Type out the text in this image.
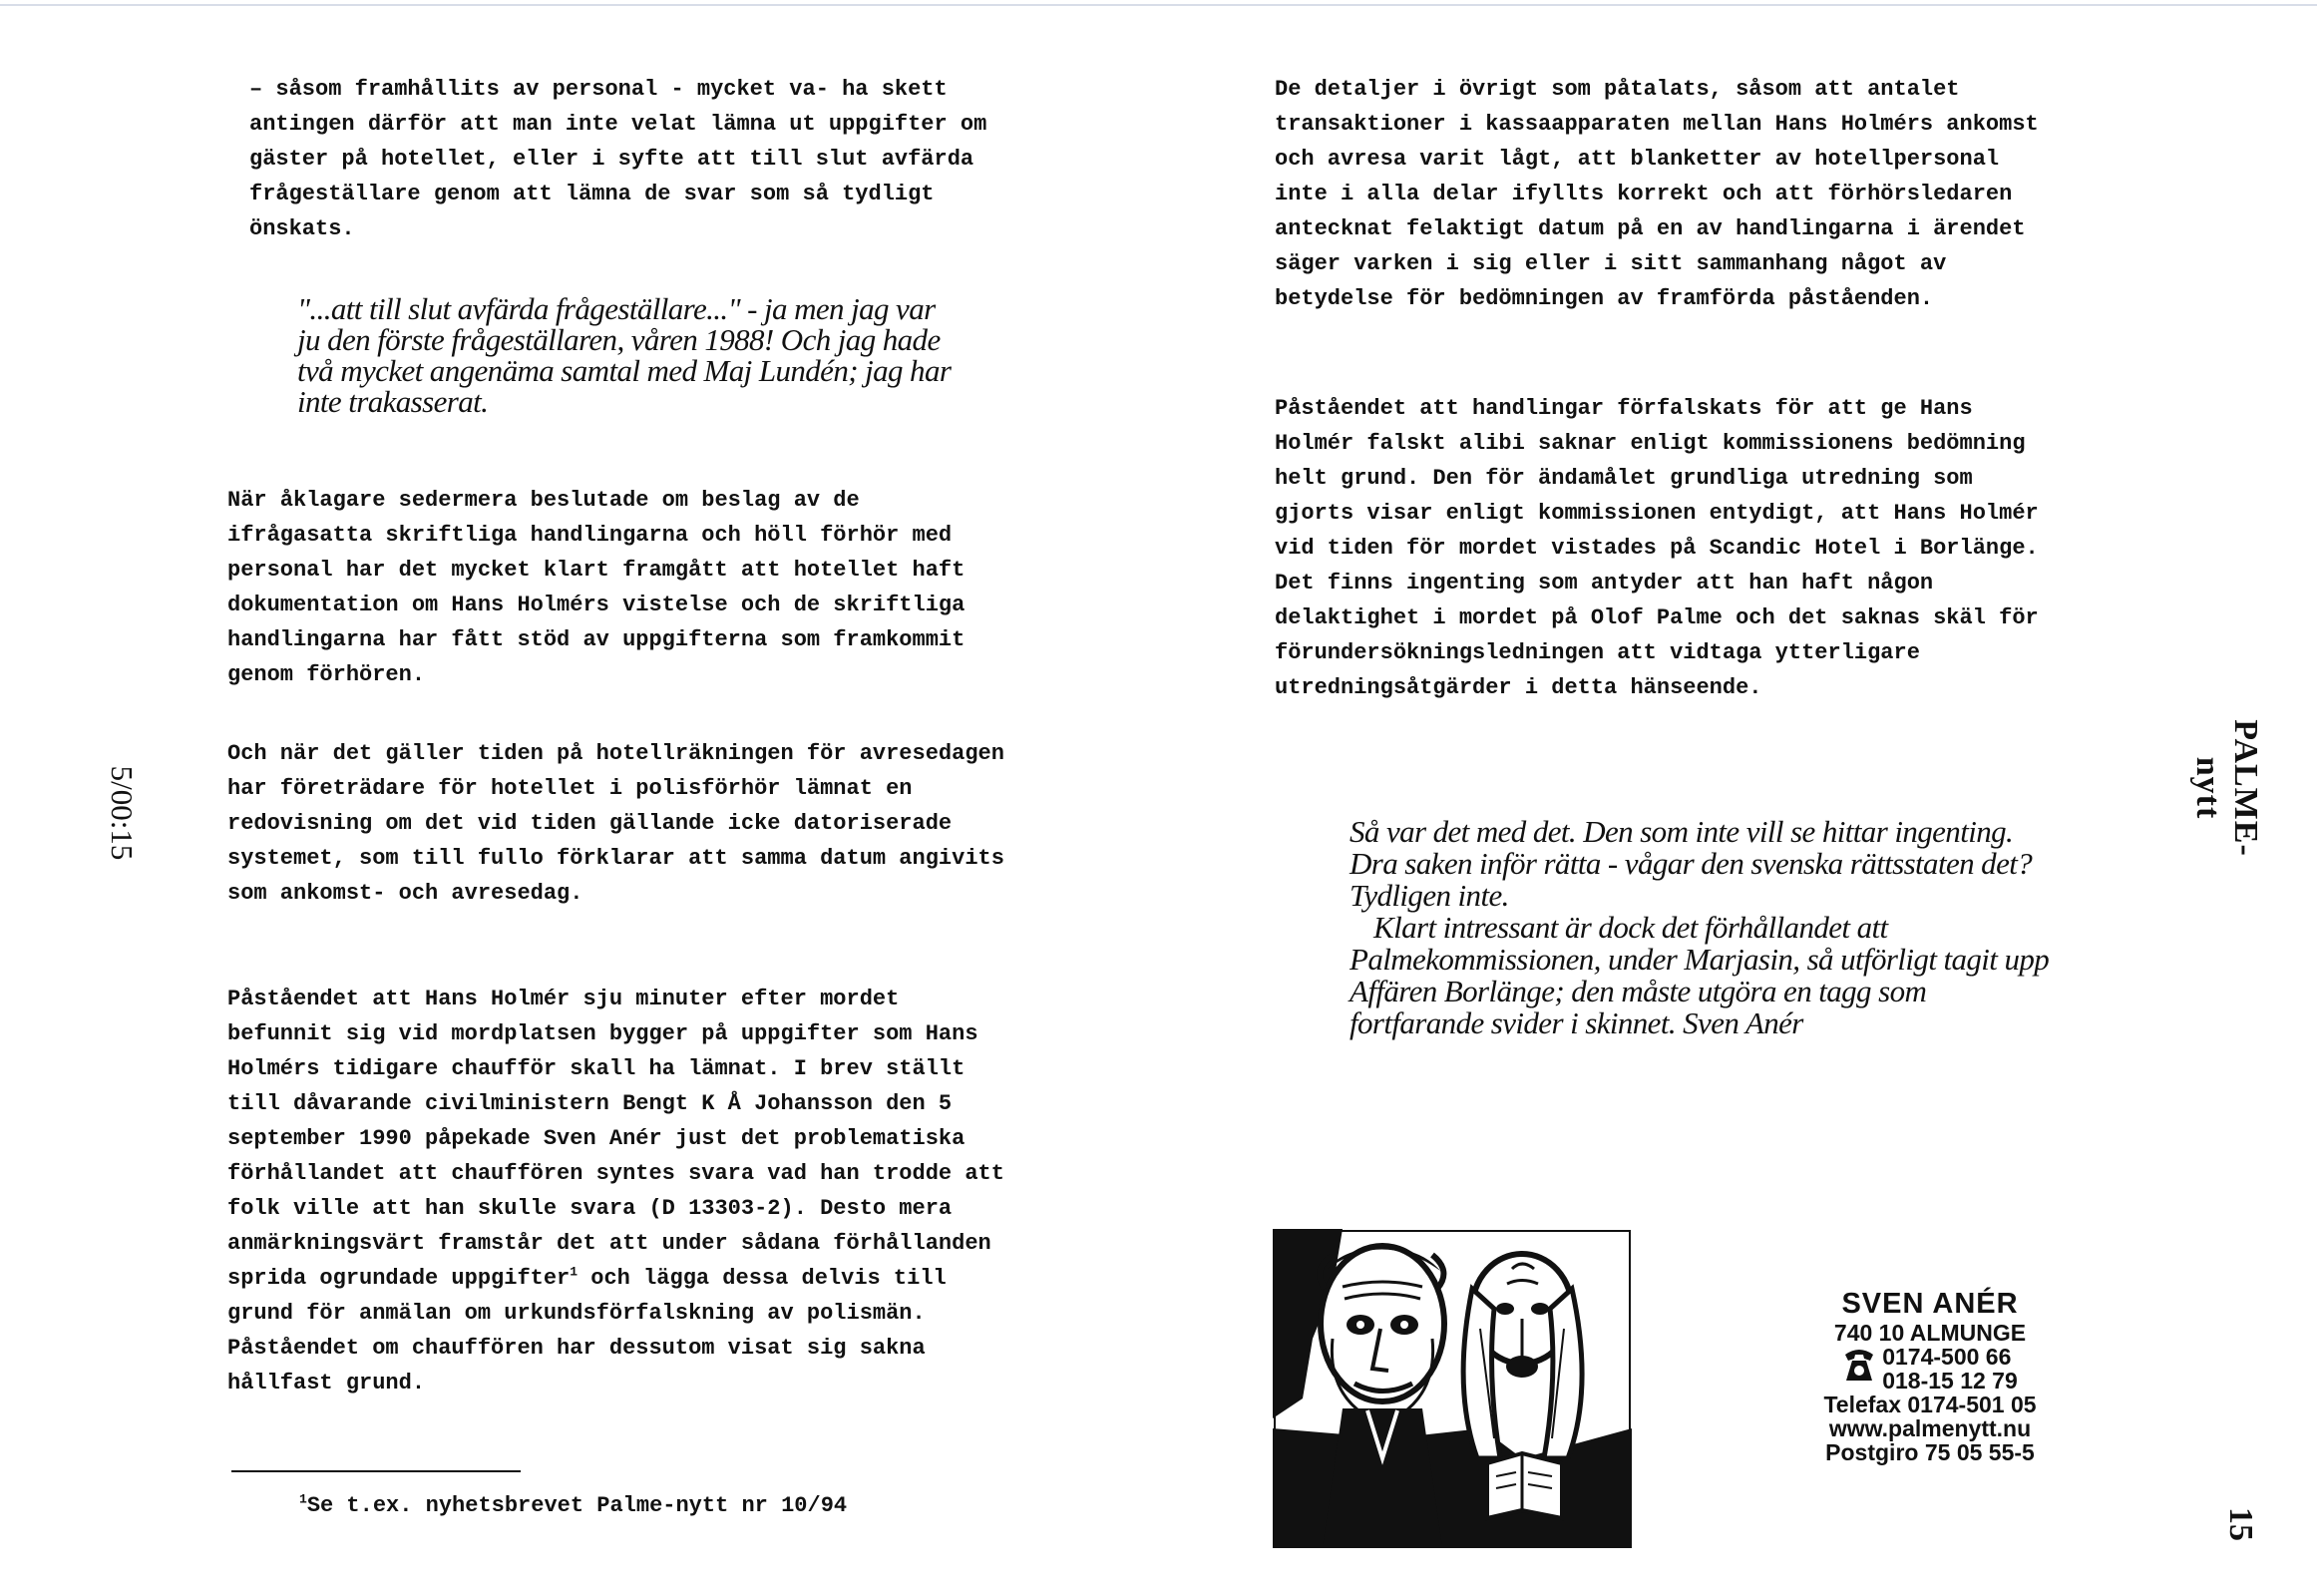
– såsom framhållits av personal - mycket va- ha skett antingen därför att man inte velat lämna ut uppgifter om gäster på hotellet, eller i syfte att till slut avfärda frågeställare genom att lämna de svar som så tydligt önskats.

"...att till slut avfärda frågeställare..." - ja men jag var ju den förste frågeställaren, våren 1988! Och jag hade två mycket angenäma samtal med Maj Lundén; jag har inte trakasserat.

När åklagare sedermera beslutade om beslag av de ifrågasatta skriftliga handlingarna och höll förhör med personal har det mycket klart framgått att hotellet haft dokumentation om Hans Holmérs vistelse och de skriftliga handlingarna har fått stöd av uppgifterna som framkommit genom förhören.

Och när det gäller tiden på hotellräkningen för avresedagen har företrädare för hotellet i polisförhör lämnat en redovisning om det vid tiden gällande icke datoriserade systemet, som till fullo förklarar att samma datum angivits som ankomst- och avresedag.

Påståendet att Hans Holmér sju minuter efter mordet befunnit sig vid mordplatsen bygger på uppgifter som Hans Holmérs tidigare chaufför skall ha lämnat. I brev ställt till dåvarande civilministern Bengt K Å Johansson den 5 september 1990 påpekade Sven Anér just det problematiska förhållandet att chauffören syntes svara vad han trodde att folk ville att han skulle svara (D 13303-2). Desto mera anmärkningsvärt framstår det att under sådana förhållanden sprida ogrundade uppgifter$^1$ och lägga dessa delvis till grund för anmälan om urkundsförfalskning av polismän. Påståendet om chauffören har dessutom visat sig sakna hållfast grund.

$^1$Se t.ex. nyhetsbrevet Palme-nytt nr 10/94
5/00:15

De detaljer i övrigt som påtalats, såsom att antalet transaktioner i kassaapparaten mellan Hans Holmérs ankomst och avresa varit lågt, att blanketter av hotellpersonal inte i alla delar ifyllts korrekt och att förhörsledaren antecknat felaktigt datum på en av handlingarna i ärendet säger varken i sig eller i sitt sammanhang något av betydelse för bedömningen av framförda påståenden.

Påståendet att handlingar förfalskats för att ge Hans Holmér falskt alibi saknar enligt kommissionens bedömning helt grund. Den för ändamålet grundliga utredning som gjorts visar enligt kommissionen entydigt, att Hans Holmér vid tiden för mordet vistades på Scandic Hotel i Borlänge. Det finns ingenting som antyder att han haft någon delaktighet i mordet på Olof Palme och det saknas skäl för förundersökningsledningen att vidtaga ytterligare utredningsåtgärder i detta hänseende.

Så var det med det. Den som inte vill se hittar ingenting. Dra saken inför rätta - vågar den svenska rättsstaten det? Tydligen inte.
Klart intressant är dock det förhållandet att Palmekommissionen, under Marjasin, så utförligt tagit upp Affären Borlänge; den måste utgöra en tagg som fortfarande svider i skinnet. Sven Anér
PALME-nytt
15
SVEN ANÉR
740 10 ALMUNGE
0174-500 66
018-15 12 79
Telefax 0174-501 05
www.palmenytt.nu
Postgiro 75 05 55-5
